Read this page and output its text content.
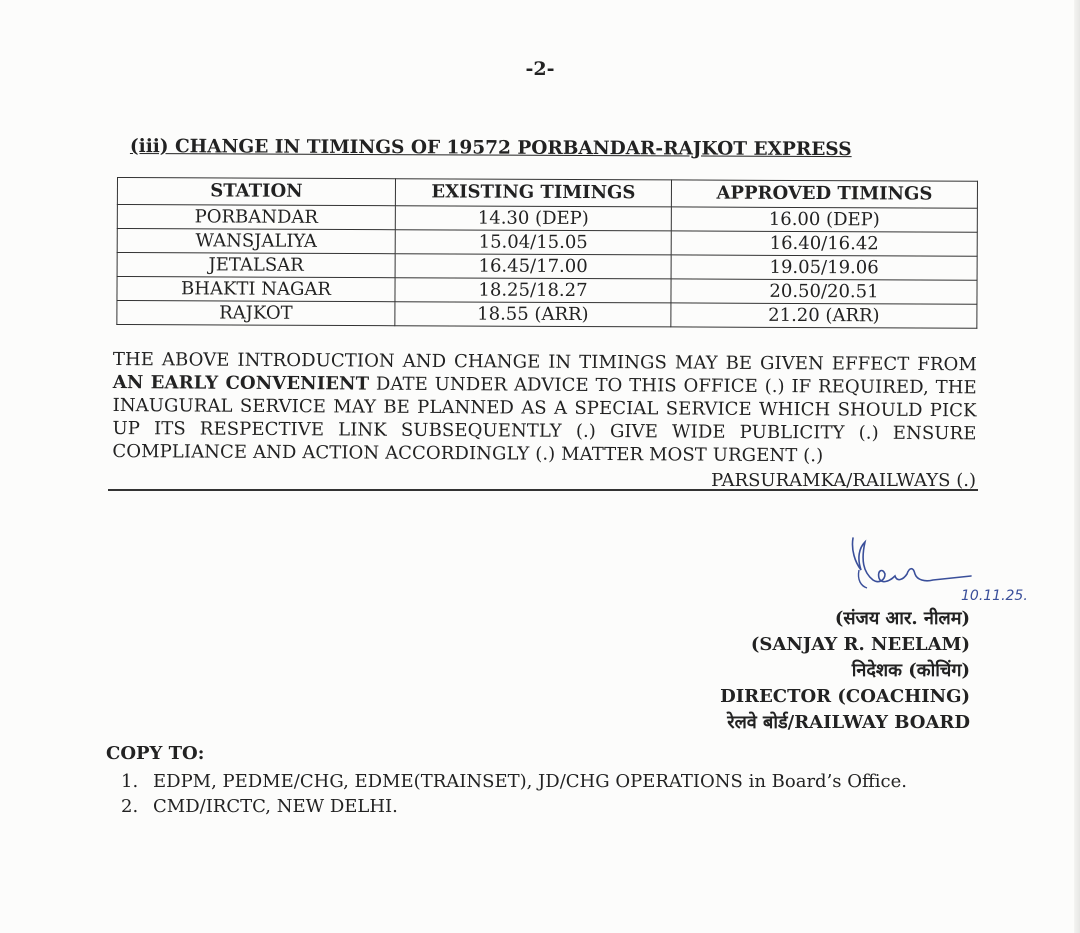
-2-
(iii) CHANGE IN TIMINGS OF 19572 PORBANDAR-RAJKOT EXPRESS
STATION	EXISTING TIMINGS	APPROVED TIMINGS
PORBANDAR	14.30 (DEP)	16.00 (DEP)
WANSJALIYA	15.04/15.05	16.40/16.42
JETALSAR	16.45/17.00	19.05/19.06
BHAKTI NAGAR	18.25/18.27	20.50/20.51
RAJKOT	18.55 (ARR)	21.20 (ARR)
THE ABOVE INTRODUCTION AND CHANGE IN TIMINGS MAY BE GIVEN EFFECT FROM
AN EARLY CONVENIENT DATE UNDER ADVICE TO THIS OFFICE (.) IF REQUIRED, THE
INAUGURAL SERVICE MAY BE PLANNED AS A SPECIAL SERVICE WHICH SHOULD PICK
UP ITS RESPECTIVE LINK SUBSEQUENTLY (.) GIVE WIDE PUBLICITY (.) ENSURE
COMPLIANCE AND ACTION ACCORDINGLY (.) MATTER MOST URGENT (.)
PARSURAMKA/RAILWAYS (.)
10.11.25.
(संजय आर. नीलम)
(SANJAY R. NEELAM)
निदेशक (कोचिंग)
DIRECTOR (COACHING)
रेलवे बोर्ड/RAILWAY BOARD
COPY TO:
1. EDPM, PEDME/CHG, EDME(TRAINSET), JD/CHG OPERATIONS in Board’s Office.
2. CMD/IRCTC, NEW DELHI.
